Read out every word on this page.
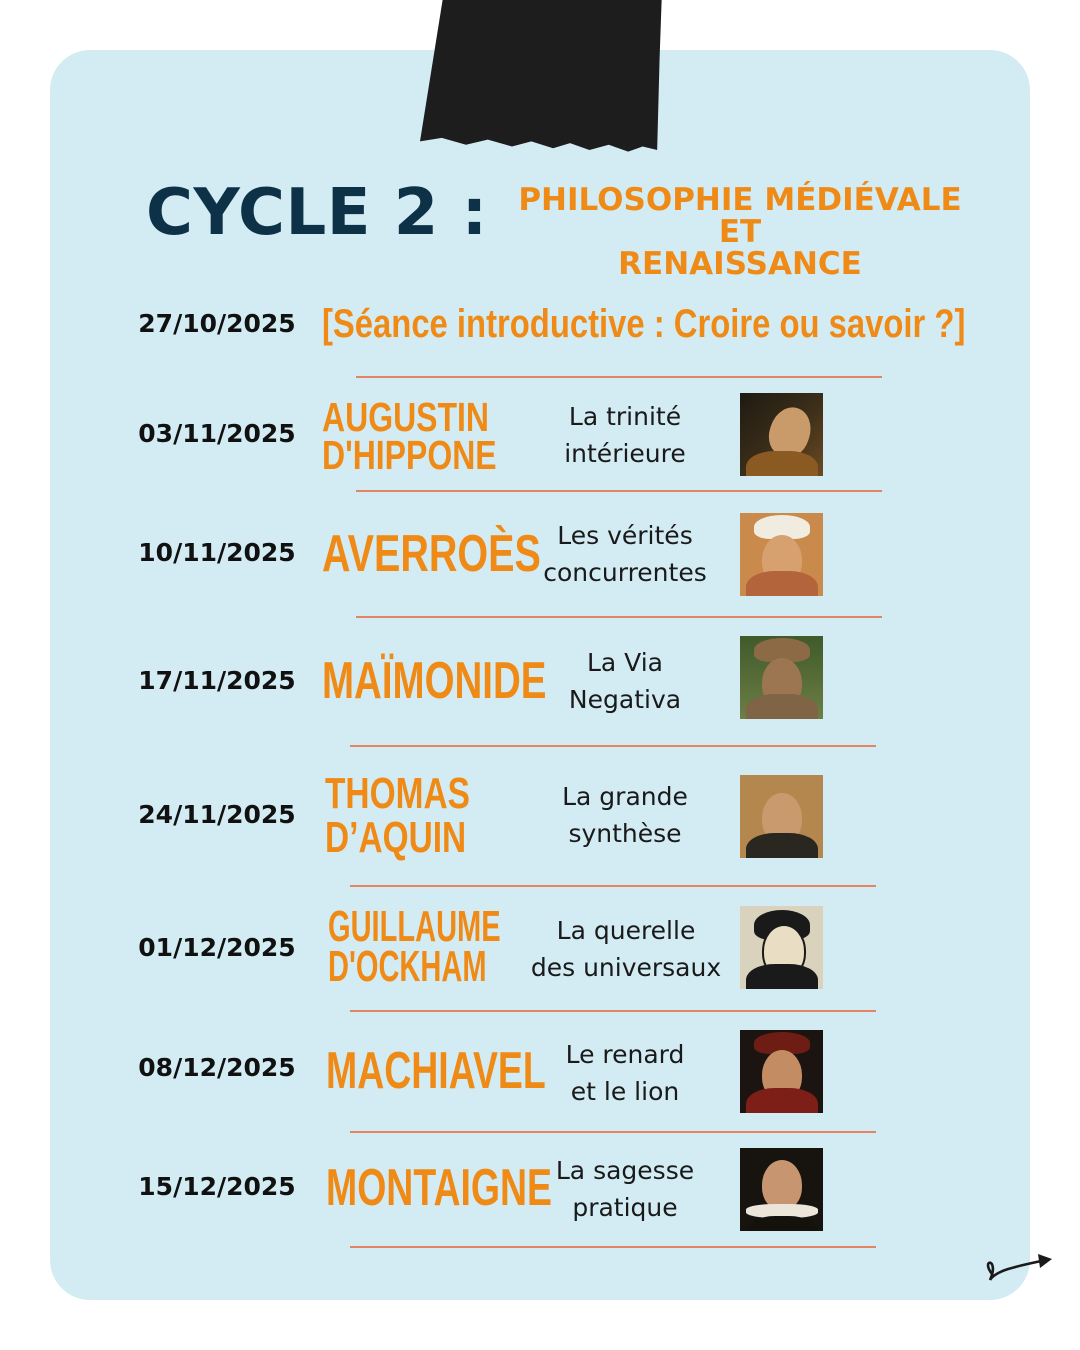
CYCLE 2 : PHILOSOPHIE MÉDIÉVALE ET
RENAISSANCE
27/10/2025 [Séance introductive : Croire ou savoir ?]
03/11/2025 AUGUSTIN
D'HIPPONE
La trinité
intérieure
10/11/2025 AVERROÈS Les vérités
concurrentes
17/11/2025 MAÏMONIDE	La Via
Negativa
24/11/2025 THOMAS
D’AQUIN
La grande
synthèse
01/12/2025 GUILLAUME
D'OCKHAM
La querelle
des universaux
08/12/2025 MACHIAVEL Le renard
et le lion
15/12/2025 MONTAIGNE La sagesse
pratique
